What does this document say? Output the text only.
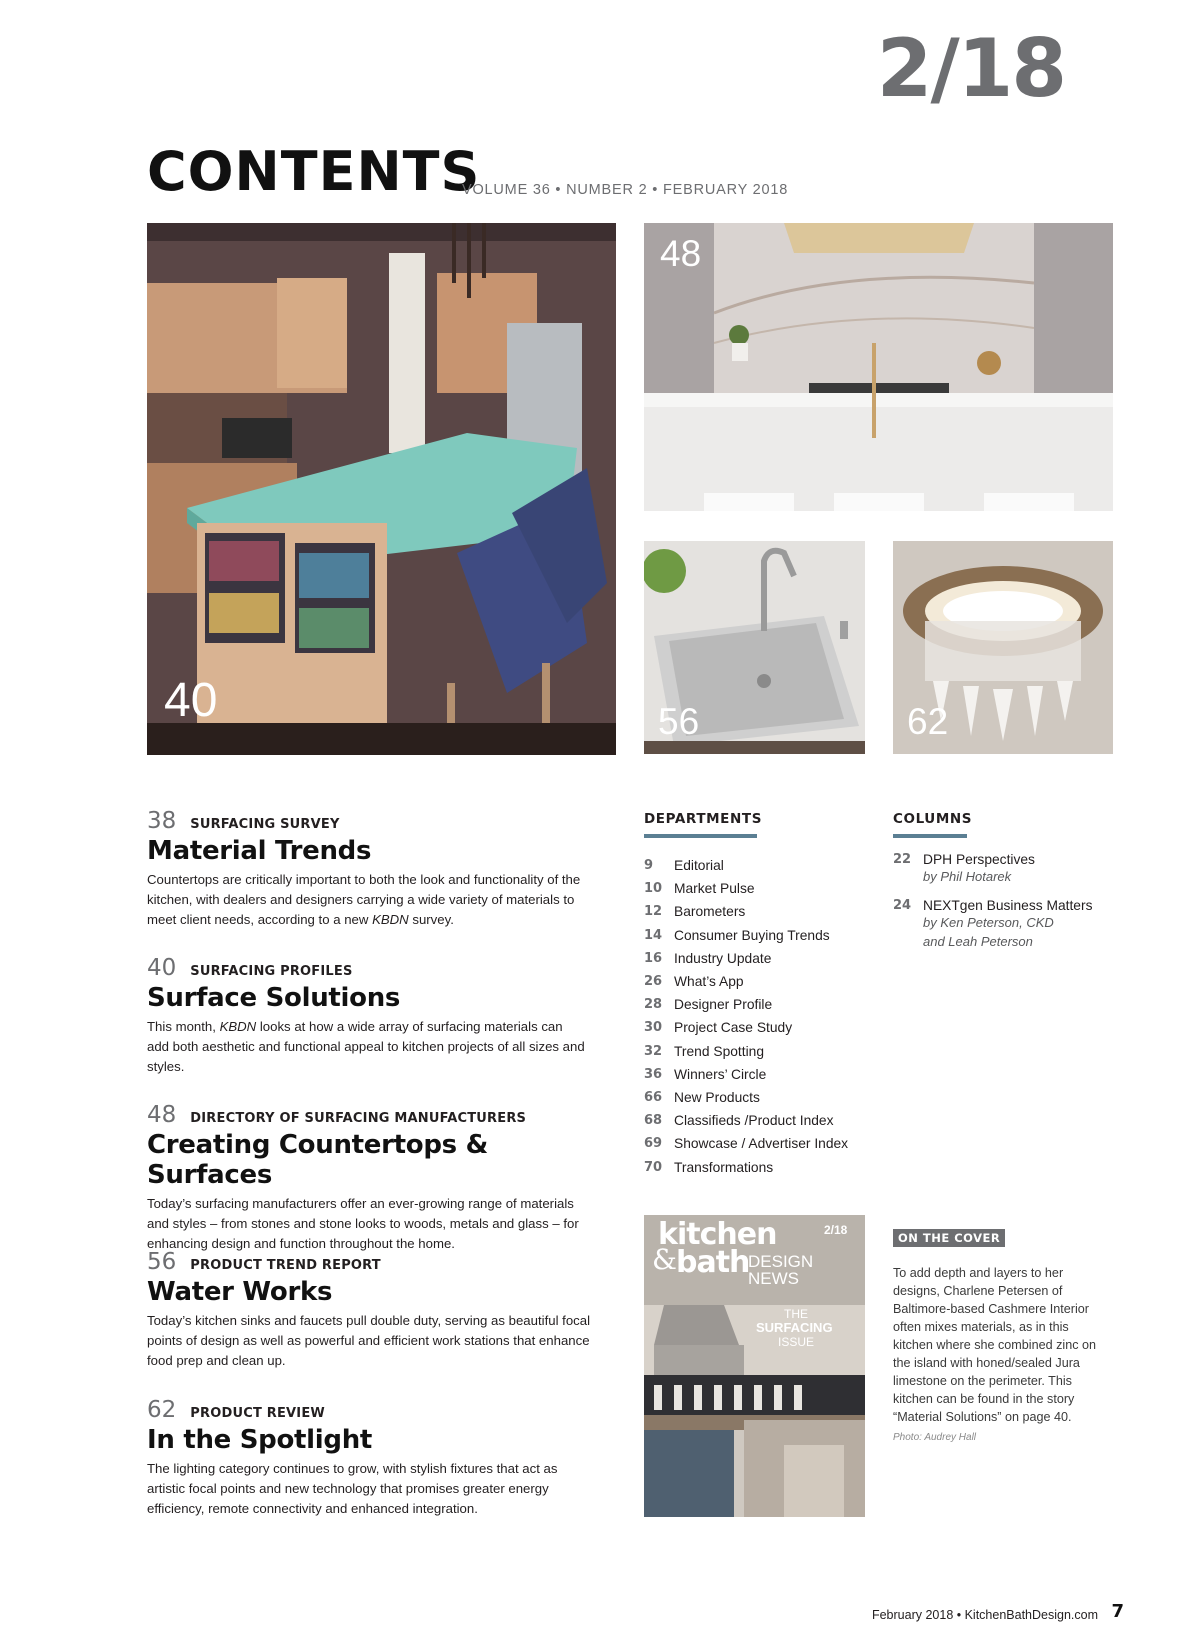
2/18
CONTENTS
VOLUME 36 • NUMBER 2 • FEBRUARY 2018
40
48
56	62
38 SURFACING SURVEY
Material Trends
Countertops are critically important to both the look and functionality of the kitchen, with dealers and designers carrying a wide variety of materials to meet client needs, according to a new KBDN survey.
40 SURFACING PROFILES
Surface Solutions
This month, KBDN looks at how a wide array of surfacing materials can add both aesthetic and functional appeal to kitchen projects of all sizes and styles.
48 DIRECTORY OF SURFACING MANUFACTURERS
Creating Countertops & Surfaces
Today’s surfacing manufacturers offer an ever-growing range of materials and styles – from stones and stone looks to woods, metals and glass – for enhancing design and function throughout the home.
56 PRODUCT TREND REPORT
Water Works
Today’s kitchen sinks and faucets pull double duty, serving as beautiful focal points of design as well as powerful and efficient work stations that enhance food prep and clean up.
62 PRODUCT REVIEW
In the Spotlight
The lighting category continues to grow, with stylish fixtures that act as artistic focal points and new technology that promises greater energy efficiency, remote connectivity and enhanced integration.
DEPARTMENTS
9	Editorial
10 Market Pulse
12 Barometers
14 Consumer Buying Trends
16 Industry Update
26 What’s App
28 Designer Profile
30 Project Case Study
32 Trend Spotting
36 Winners’ Circle
66 New Products
68 Classifieds /Product Index
69 Showcase / Advertiser Index
70 Transformations
COLUMNS
22 DPH Perspectives
by Phil Hotarek
24 NEXTgen Business Matters
by Ken Peterson, CKD
and Leah Peterson
kitchen
& bath
DESIGN
NEWS
2/18
THE
SURFACING
ISSUE
ON THE COVER
To add depth and layers to her designs, Charlene Petersen of Baltimore-based Cashmere Interior often mixes materials, as in this kitchen where she combined zinc on the island with honed/sealed Jura limestone on the perimeter. This kitchen can be found in the story “Material Solutions” on page 40.
Photo: Audrey Hall
February 2018 • KitchenBathDesign.com 7
